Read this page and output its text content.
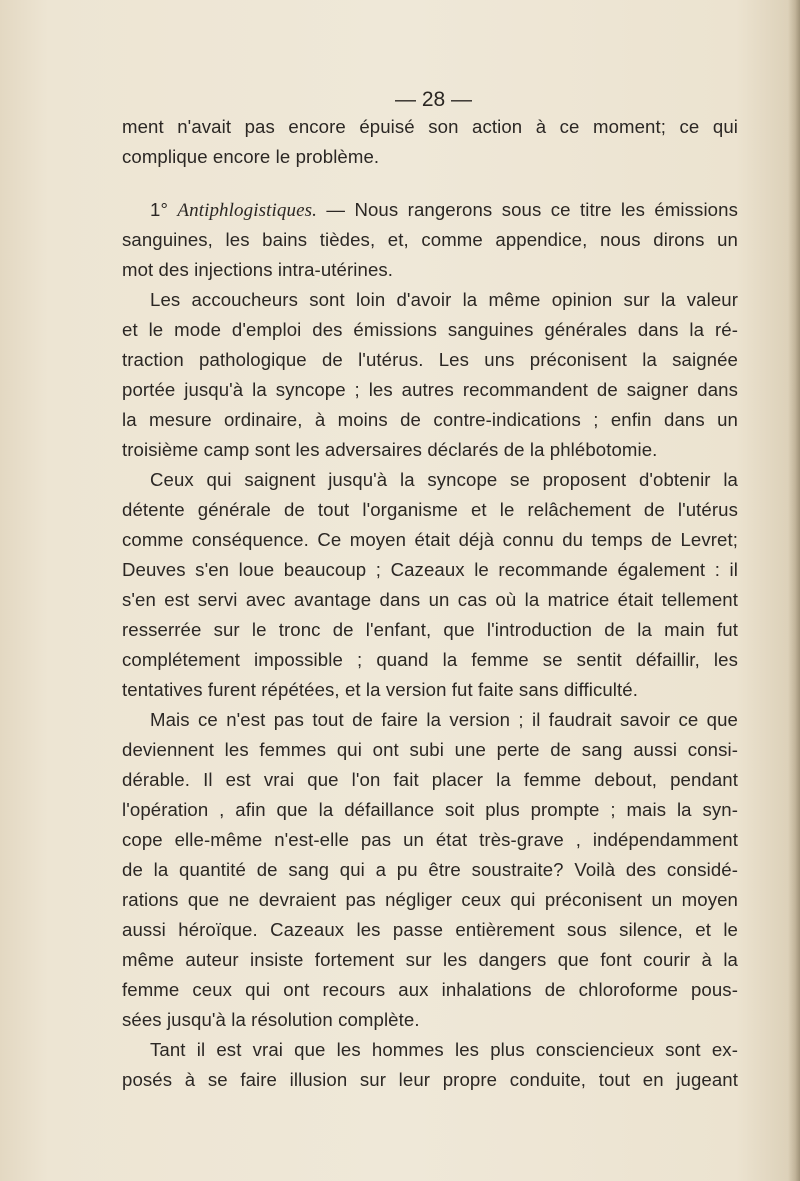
— 28 —
ment n'avait pas encore épuisé son action à ce moment; ce qui
complique encore le problème.
1° Antiphlogistiques. — Nous rangerons sous ce titre les émissions
sanguines, les bains tièdes, et, comme appendice, nous dirons un
mot des injections intra-utérines.
Les accoucheurs sont loin d'avoir la même opinion sur la valeur
et le mode d'emploi des émissions sanguines générales dans la ré-
traction pathologique de l'utérus. Les uns préconisent la saignée
portée jusqu'à la syncope ; les autres recommandent de saigner dans
la mesure ordinaire, à moins de contre-indications ; enfin dans un
troisième camp sont les adversaires déclarés de la phlébotomie.
Ceux qui saignent jusqu'à la syncope se proposent d'obtenir la
détente générale de tout l'organisme et le relâchement de l'utérus
comme conséquence. Ce moyen était déjà connu du temps de Levret;
Deuves s'en loue beaucoup ; Cazeaux le recommande également : il
s'en est servi avec avantage dans un cas où la matrice était tellement
resserrée sur le tronc de l'enfant, que l'introduction de la main fut
complétement impossible ; quand la femme se sentit défaillir, les
tentatives furent répétées, et la version fut faite sans difficulté.
Mais ce n'est pas tout de faire la version ; il faudrait savoir ce que
deviennent les femmes qui ont subi une perte de sang aussi consi-
dérable. Il est vrai que l'on fait placer la femme debout, pendant
l'opération , afin que la défaillance soit plus prompte ; mais la syn-
cope elle-même n'est-elle pas un état très-grave , indépendamment
de la quantité de sang qui a pu être soustraite? Voilà des considé-
rations que ne devraient pas négliger ceux qui préconisent un moyen
aussi héroïque. Cazeaux les passe entièrement sous silence, et le
même auteur insiste fortement sur les dangers que font courir à la
femme ceux qui ont recours aux inhalations de chloroforme pous-
sées jusqu'à la résolution complète.
Tant il est vrai que les hommes les plus consciencieux sont ex-
posés à se faire illusion sur leur propre conduite, tout en jugeant
